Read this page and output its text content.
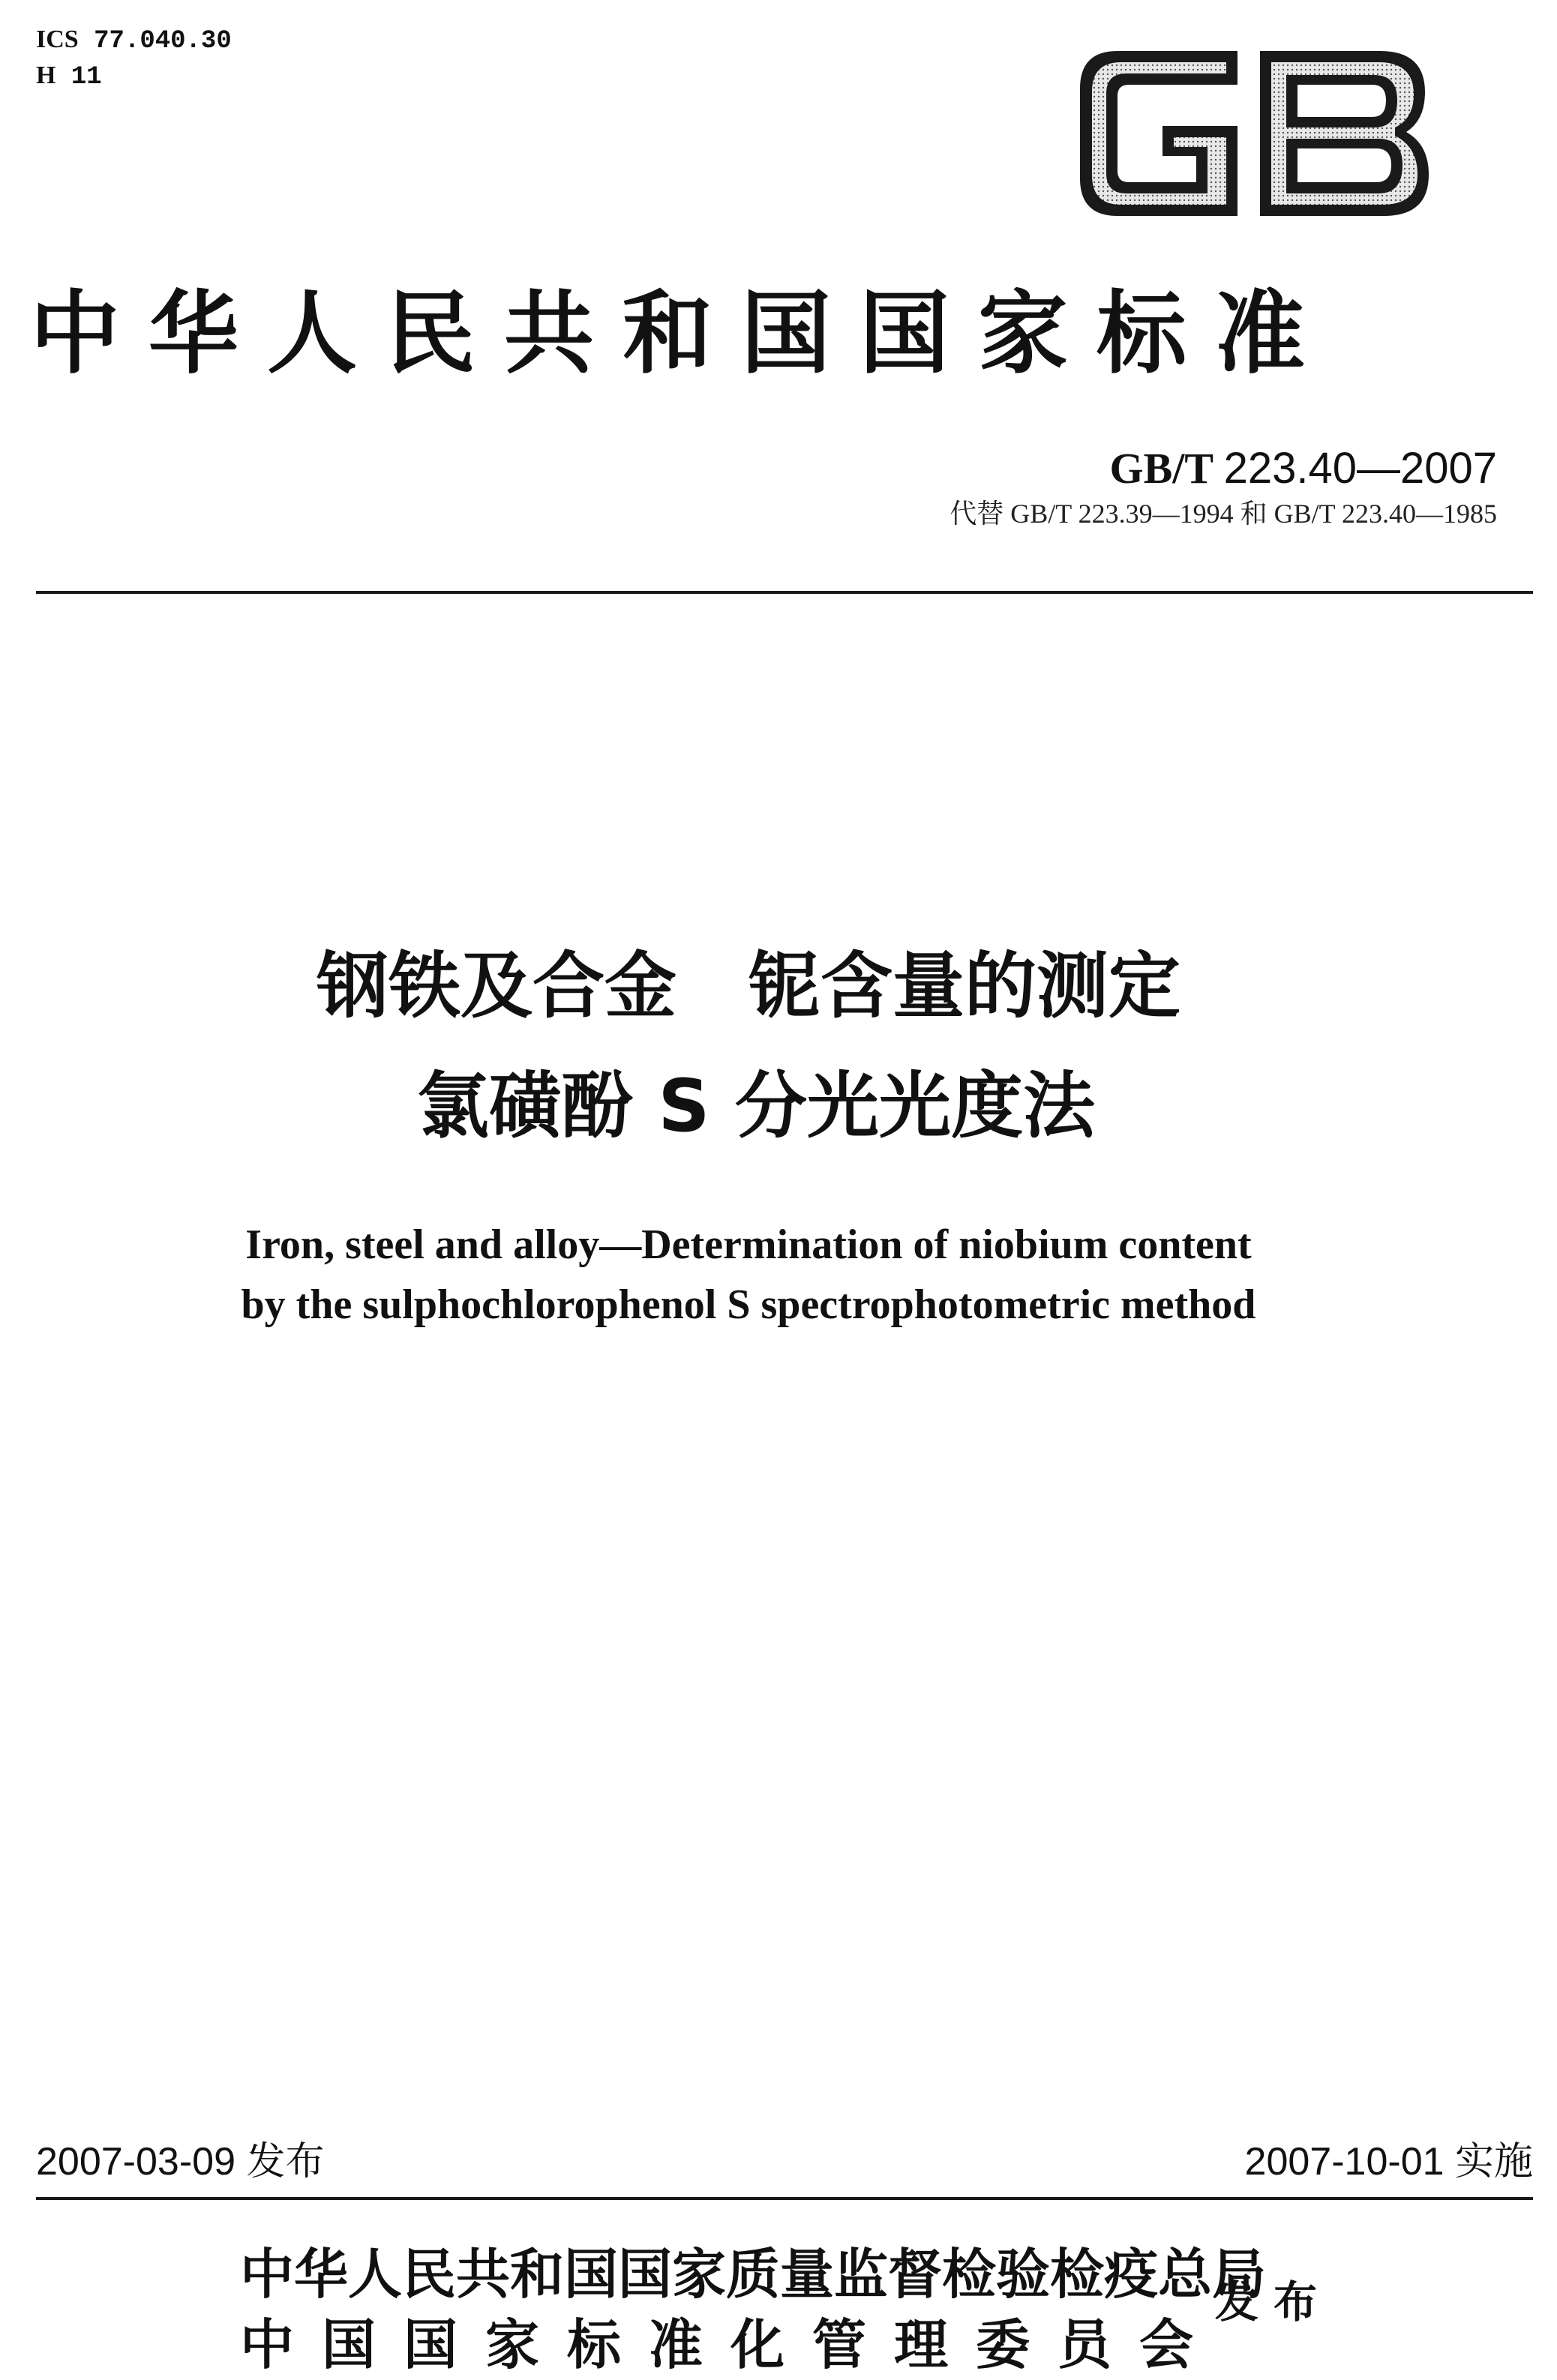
ICS 77.040.30
H 11
中华人民共和国国家标准
GB/T 223.40—2007
代替 GB/T 223.39—1994 和 GB/T 223.40—1985
钢铁及合金　铌含量的测定
氯磺酚 S 分光光度法
Iron, steel and alloy—Determination of niobium content
by the sulphochlorophenol S spectrophotometric method
2007-03-09 发布	2007-10-01 实施
中华人民共和国国家质量监督检验检疫总局
中国国家标准化管理委员会
发布
